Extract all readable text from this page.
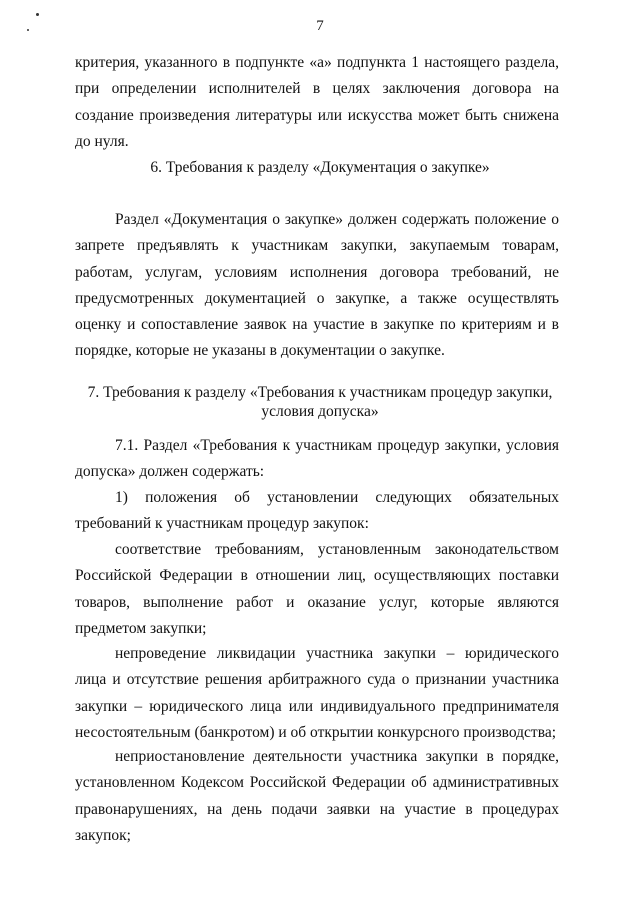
7

критерия, указанного в подпункте «а» подпункта 1 настоящего раздела, при определении исполнителей в целях заключения договора на создание произведения литературы или искусства может быть снижена до нуля.

6. Требования к разделу «Документация о закупке»

Раздел «Документация о закупке» должен содержать положение о запрете предъявлять к участникам закупки, закупаемым товарам, работам, услугам, условиям исполнения договора требований, не предусмотренных документацией о закупке, а также осуществлять оценку и сопоставление заявок на участие в закупке по критериям и в порядке, которые не указаны в документации о закупке.

7. Требования к разделу «Требования к участникам процедур закупки,
условия допуска»

7.1. Раздел «Требования к участникам процедур закупки, условия допуска» должен содержать:

1) положения об установлении следующих обязательных требований к участникам процедур закупок:

соответствие требованиям, установленным законодательством Российской Федерации в отношении лиц, осуществляющих поставки товаров, выполнение работ и оказание услуг, которые являются предметом закупки;

непроведение ликвидации участника закупки – юридического лица и отсутствие решения арбитражного суда о признании участника закупки – юридического лица или индивидуального предпринимателя несостоятельным (банкротом) и об открытии конкурсного производства;

неприостановление деятельности участника закупки в порядке, установленном Кодексом Российской Федерации об административных правонарушениях, на день подачи заявки на участие в процедурах закупок;
